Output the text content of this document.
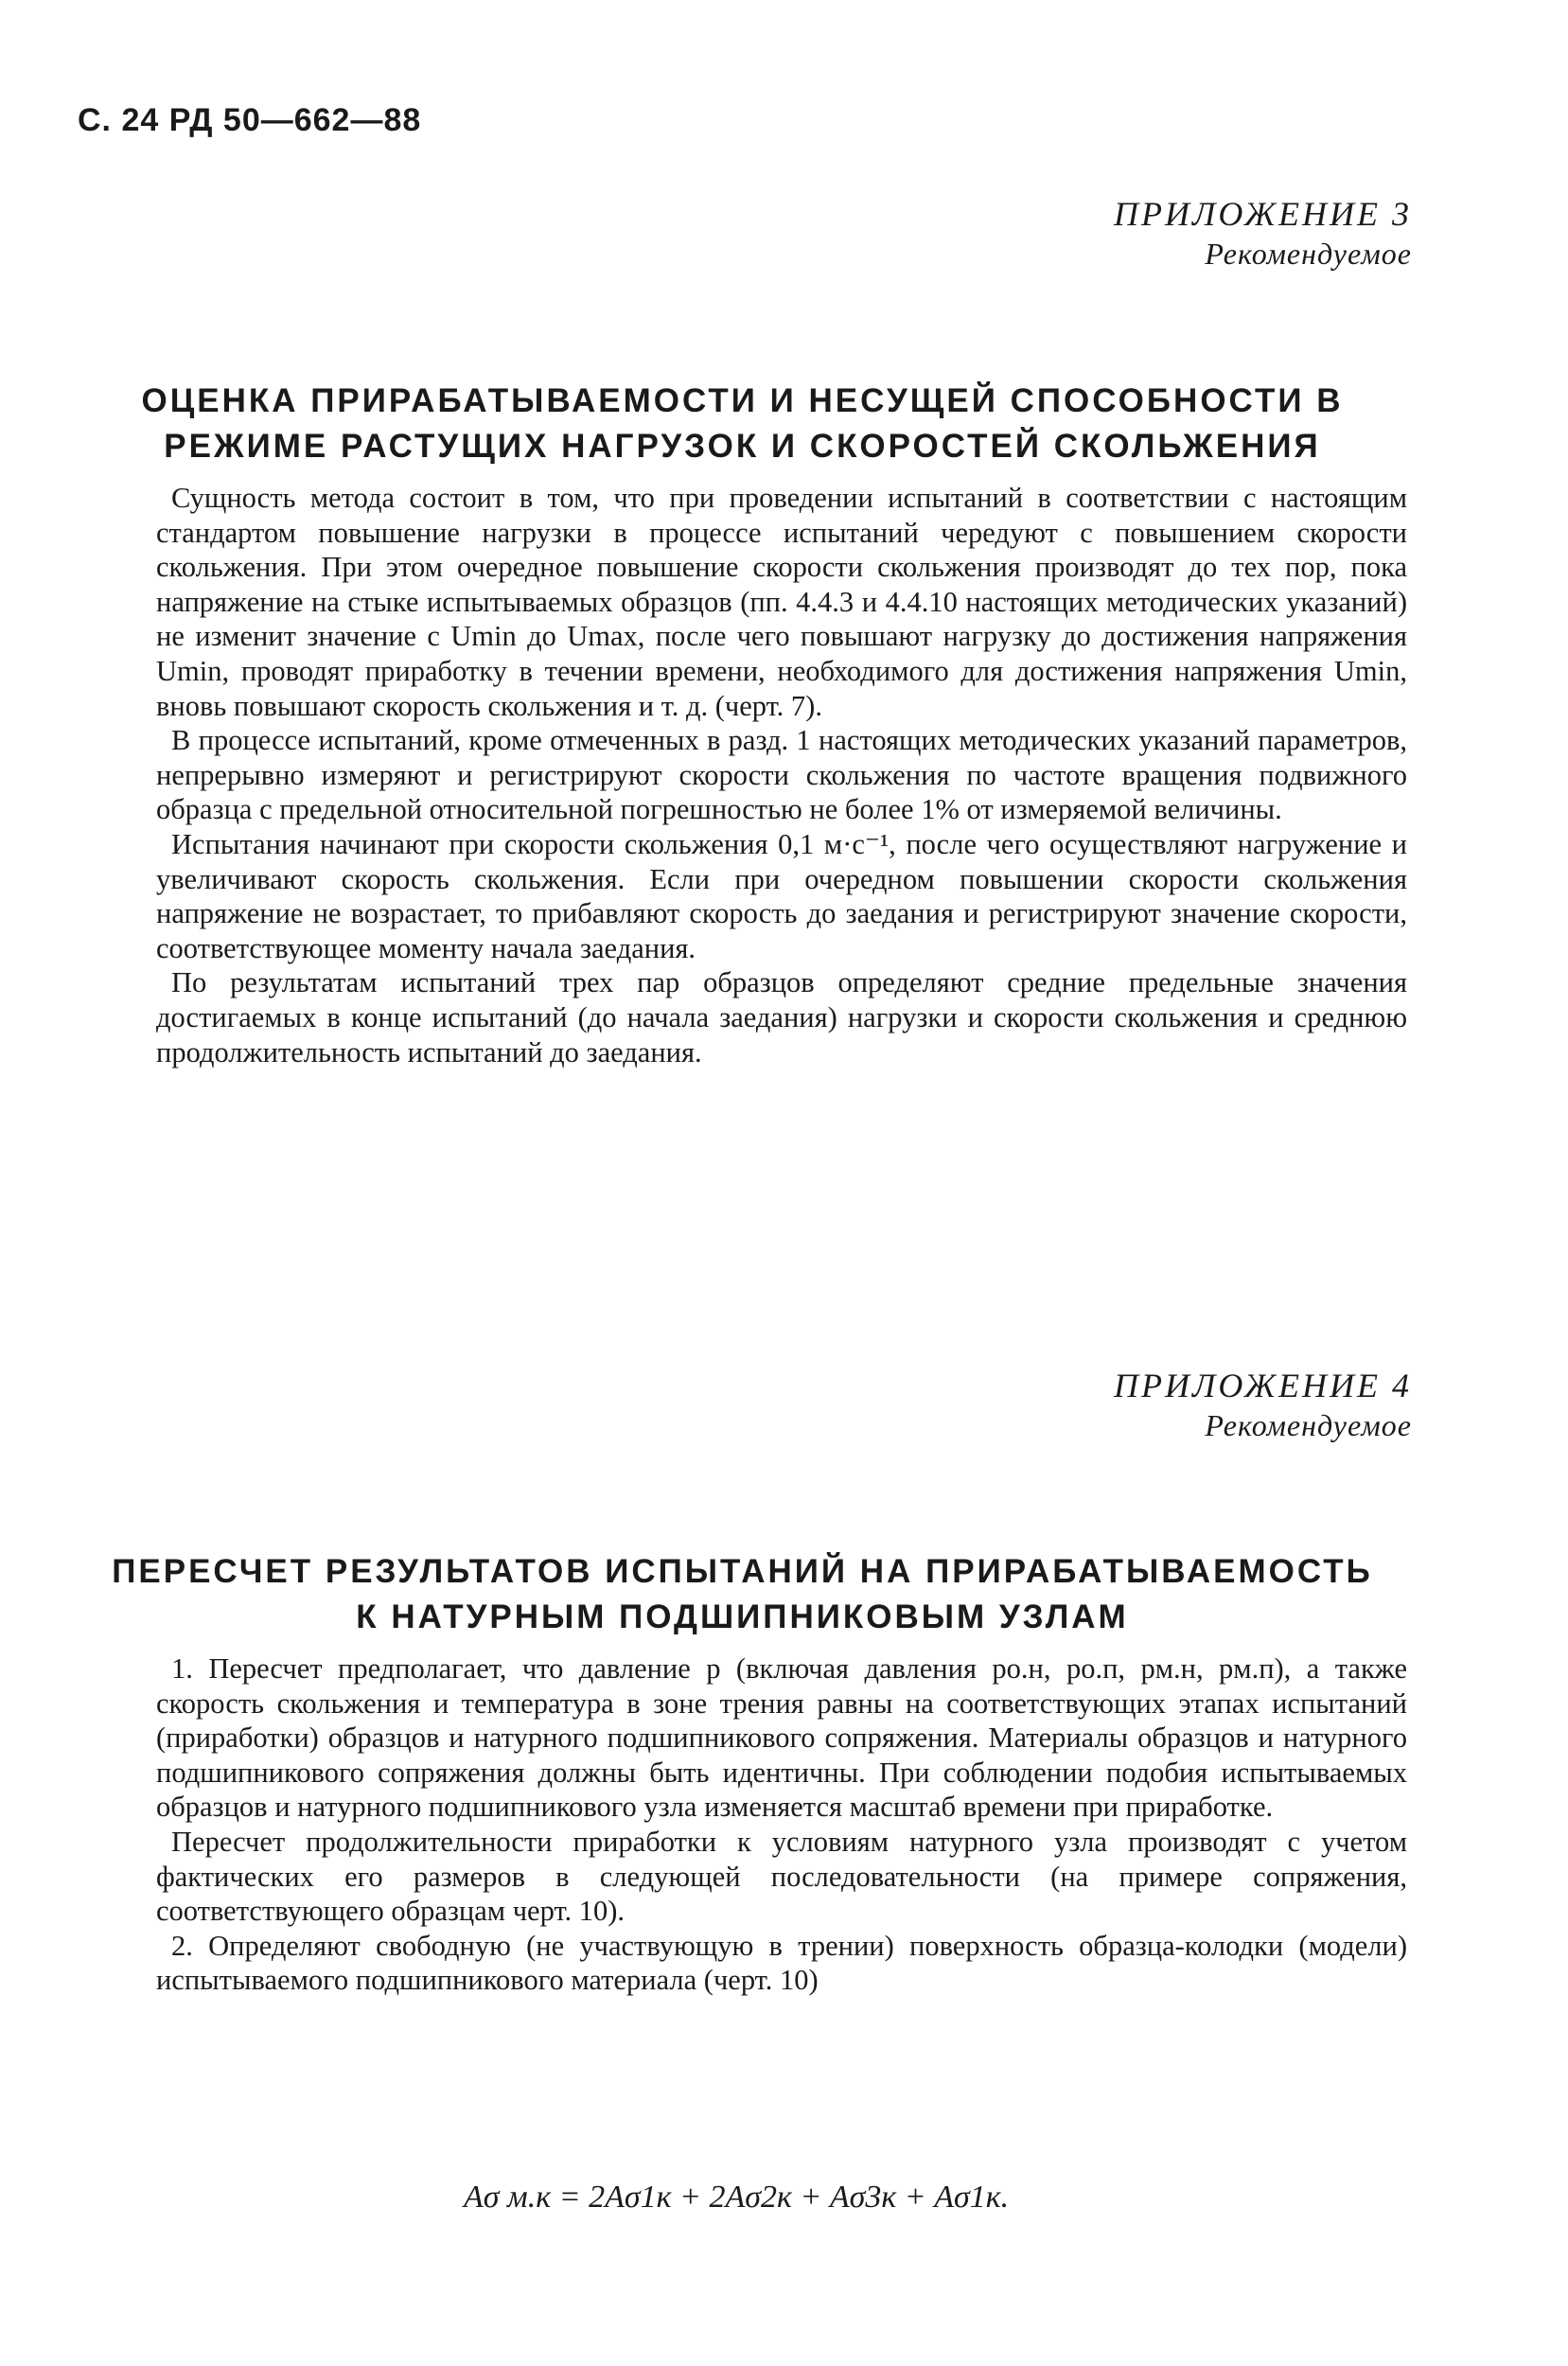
С. 24 РД 50—662—88
ПРИЛОЖЕНИЕ 3
Рекомендуемое
ОЦЕНКА ПРИРАБАТЫВАЕМОСТИ И НЕСУЩЕЙ СПОСОБНОСТИ В
РЕЖИМЕ РАСТУЩИХ НАГРУЗОК И СКОРОСТЕЙ СКОЛЬЖЕНИЯ

Сущность метода состоит в том, что при проведении испытаний в соответствии с настоящим стандартом повышение нагрузки в процессе испытаний чередуют с повышением скорости скольжения. При этом очередное повышение скорости скольжения производят до тех пор, пока напряжение на стыке испытываемых образцов (пп. 4.4.3 и 4.4.10 настоящих методических указаний) не изменит значение с Umin до Umax, после чего повышают нагрузку до достижения напряжения Umin, проводят приработку в течении времени, необходимого для достижения напряжения Umin, вновь повышают скорость скольжения и т. д. (черт. 7).

В процессе испытаний, кроме отмеченных в разд. 1 настоящих методических указаний параметров, непрерывно измеряют и регистрируют скорости скольжения по частоте вращения подвижного образца с предельной относительной погрешностью не более 1% от измеряемой величины.

Испытания начинают при скорости скольжения 0,1 м·с⁻¹, после чего осуществляют нагружение и увеличивают скорость скольжения. Если при очередном повышении скорости скольжения напряжение не возрастает, то прибавляют скорость до заедания и регистрируют значение скорости, соответствующее моменту начала заедания.

По результатам испытаний трех пар образцов определяют средние предельные значения достигаемых в конце испытаний (до начала заедания) нагрузки и скорости скольжения и среднюю продолжительность испытаний до заедания.

ПРИЛОЖЕНИЕ 4
Рекомендуемое
ПЕРЕСЧЕТ РЕЗУЛЬТАТОВ ИСПЫТАНИЙ НА ПРИРАБАТЫВАЕМОСТЬ
К НАТУРНЫМ ПОДШИПНИКОВЫМ УЗЛАМ

1. Пересчет предполагает, что давление p (включая давления pо.н, pо.п, pм.н, pм.п), а также скорость скольжения и температура в зоне трения равны на соответствующих этапах испытаний (приработки) образцов и натурного подшипникового сопряжения. Материалы образцов и натурного подшипникового сопряжения должны быть идентичны. При соблюдении подобия испытываемых образцов и натурного подшипникового узла изменяется масштаб времени при приработке.

Пересчет продолжительности приработки к условиям натурного узла производят с учетом фактических его размеров в следующей последовательности (на примере сопряжения, соответствующего образцам черт. 10).

2. Определяют свободную (не участвующую в трении) поверхность образца-колодки (модели) испытываемого подшипникового материала (черт. 10)

Aσ м.к = 2Aσ1к + 2Aσ2к + Aσ3к + Aσ1к.
